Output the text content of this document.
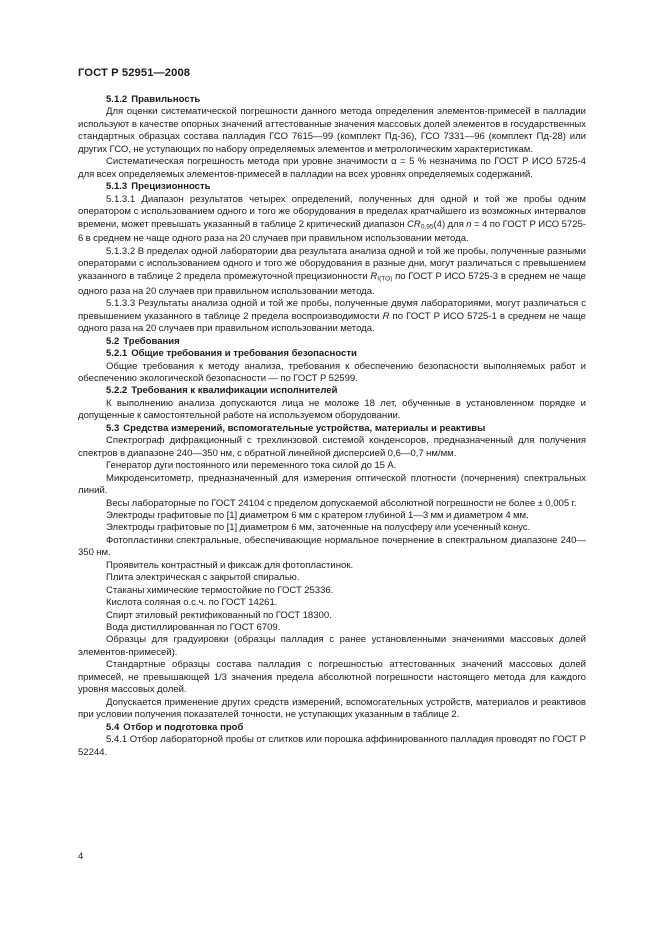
ГОСТ Р 52951—2008

5.1.2 Правильность

Для оценки систематической погрешности данного метода определения элементов-примесей в палладии используют в качестве опорных значений аттестованные значения массовых долей элементов в государственных стандартных образцах состава палладия ГСО 7615—99 (комплект Пд-36), ГСО 7331—96 (комплект Пд-28) или других ГСО, не уступающих по набору определяемых элементов и метрологическим характеристикам.

Систематическая погрешность метода при уровне значимости α = 5 % незначима по ГОСТ Р ИСО 5725-4 для всех определяемых элементов-примесей в палладии на всех уровнях определяемых содержаний.

5.1.3 Прецизионность

5.1.3.1 Диапазон результатов четырех определений, полученных для одной и той же пробы одним оператором с использованием одного и того же оборудования в пределах кратчайшего из возможных интервалов времени, может превышать указанный в таблице 2 критический диапазон $CR_{0,95}(4)$ для n = 4 по ГОСТ Р ИСО 5725-6 в среднем не чаще одного раза на 20 случаев при правильном использовании метода.

5.1.3.2 В пределах одной лаборатории два результата анализа одной и той же пробы, полученные разными операторами с использованием одного и того же оборудования в разные дни, могут различаться с превышением указанного в таблице 2 предела промежуточной прецизионности $R_{I(TO)}$ по ГОСТ Р ИСО 5725-3 в среднем не чаще одного раза на 20 случаев при правильном использовании метода.

5.1.3.3 Результаты анализа одной и той же пробы, полученные двумя лабораториями, могут различаться с превышением указанного в таблице 2 предела воспроизводимости R по ГОСТ Р ИСО 5725-1 в среднем не чаще одного раза на 20 случаев при правильном использовании метода.

5.2 Требования

5.2.1 Общие требования и требования безопасности

Общие требования к методу анализа, требования к обеспечению безопасности выполняемых работ и обеспечению экологической безопасности — по ГОСТ Р 52599.

5.2.2 Требования к квалификации исполнителей

К выполнению анализа допускаются лица не моложе 18 лет, обученные в установленном порядке и допущенные к самостоятельной работе на используемом оборудовании.

5.3 Средства измерений, вспомогательные устройства, материалы и реактивы

Спектрограф дифракционный с трехлинзовой системой конденсоров, предназначенный для получения спектров в диапазоне 240—350 нм, с обратной линейной дисперсией 0,6—0,7 нм/мм.

Генератор дуги постоянного или переменного тока силой до 15 А.

Микроденситометр, предназначенный для измерения оптической плотности (почернения) спектральных линий.

Весы лабораторные по ГОСТ 24104 с пределом допускаемой абсолютной погрешности не более ± 0,005 г.

Электроды графитовые по [1] диаметром 6 мм с кратером глубиной 1—3 мм и диаметром 4 мм.

Электроды графитовые по [1] диаметром 6 мм, заточенные на полусферу или усеченный конус.

Фотопластинки спектральные, обеспечивающие нормальное почернение в спектральном диапазоне 240—350 нм.

Проявитель контрастный и фиксаж для фотопластинок.

Плита электрическая с закрытой спиралью.

Стаканы химические термостойкие по ГОСТ 25336.

Кислота соляная о.с.ч. по ГОСТ 14261.

Спирт этиловый ректификованный по ГОСТ 18300.

Вода дистиллированная по ГОСТ 6709.

Образцы для градуировки (образцы палладия с ранее установленными значениями массовых долей элементов-примесей).

Стандартные образцы состава палладия с погрешностью аттестованных значений массовых долей примесей, не превышающей 1/3 значения предела абсолютной погрешности настоящего метода для каждого уровня массовых долей.

Допускается применение других средств измерений, вспомогательных устройств, материалов и реактивов при условии получения показателей точности, не уступающих указанным в таблице 2.

5.4 Отбор и подготовка проб

5.4.1 Отбор лабораторной пробы от слитков или порошка аффинированного палладия проводят по ГОСТ Р 52244.

4
